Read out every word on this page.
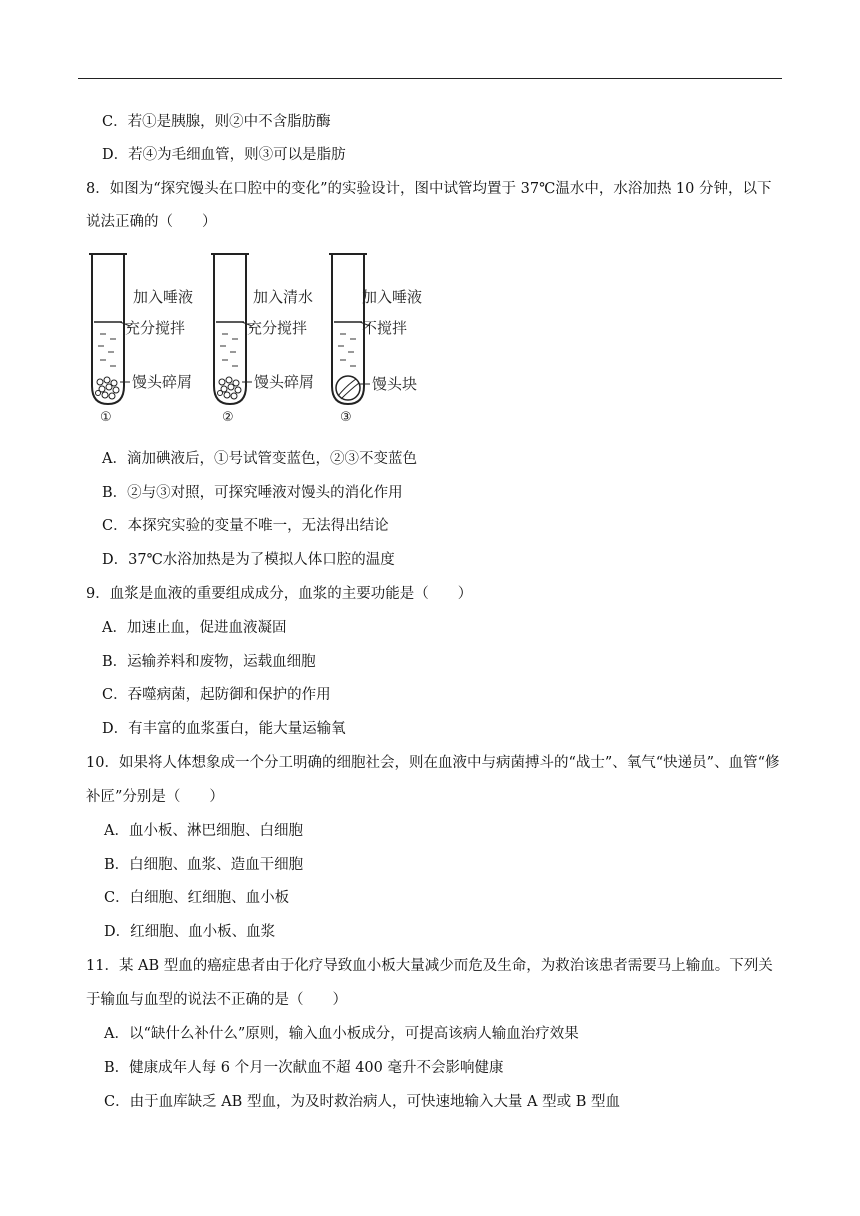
C．若①是胰腺，则②中不含脂肪酶
D．若④为毛细血管，则③可以是脂肪
8．如图为“探究馒头在口腔中的变化”的实验设计，图中试管均置于 37℃温水中，水浴加热 10 分钟，以下
说法正确的（　　）
加入唾液
充分搅拌
馒头碎屑
①
加入清水
充分搅拌
馒头碎屑
②
加入唾液
不搅拌
馒头块
③
A．滴加碘液后，①号试管变蓝色，②③不变蓝色
B．②与③对照，可探究唾液对馒头的消化作用
C．本探究实验的变量不唯一，无法得出结论
D．37℃水浴加热是为了模拟人体口腔的温度
9．血浆是血液的重要组成成分，血浆的主要功能是（　　）
A．加速止血，促进血液凝固
B．运输养料和废物，运载血细胞
C．吞噬病菌，起防御和保护的作用
D．有丰富的血浆蛋白，能大量运输氧
10．如果将人体想象成一个分工明确的细胞社会，则在血液中与病菌搏斗的“战士”、氧气“快递员”、血管“修
补匠”分别是（　　）
A．血小板、淋巴细胞、白细胞
B．白细胞、血浆、造血干细胞
C．白细胞、红细胞、血小板
D．红细胞、血小板、血浆
11．某 AB 型血的癌症患者由于化疗导致血小板大量减少而危及生命，为救治该患者需要马上输血。下列关
于输血与血型的说法不正确的是（　　）
A．以“缺什么补什么”原则，输入血小板成分，可提高该病人输血治疗效果
B．健康成年人每 6 个月一次献血不超 400 毫升不会影响健康
C．由于血库缺乏 AB 型血，为及时救治病人，可快速地输入大量 A 型或 B 型血
